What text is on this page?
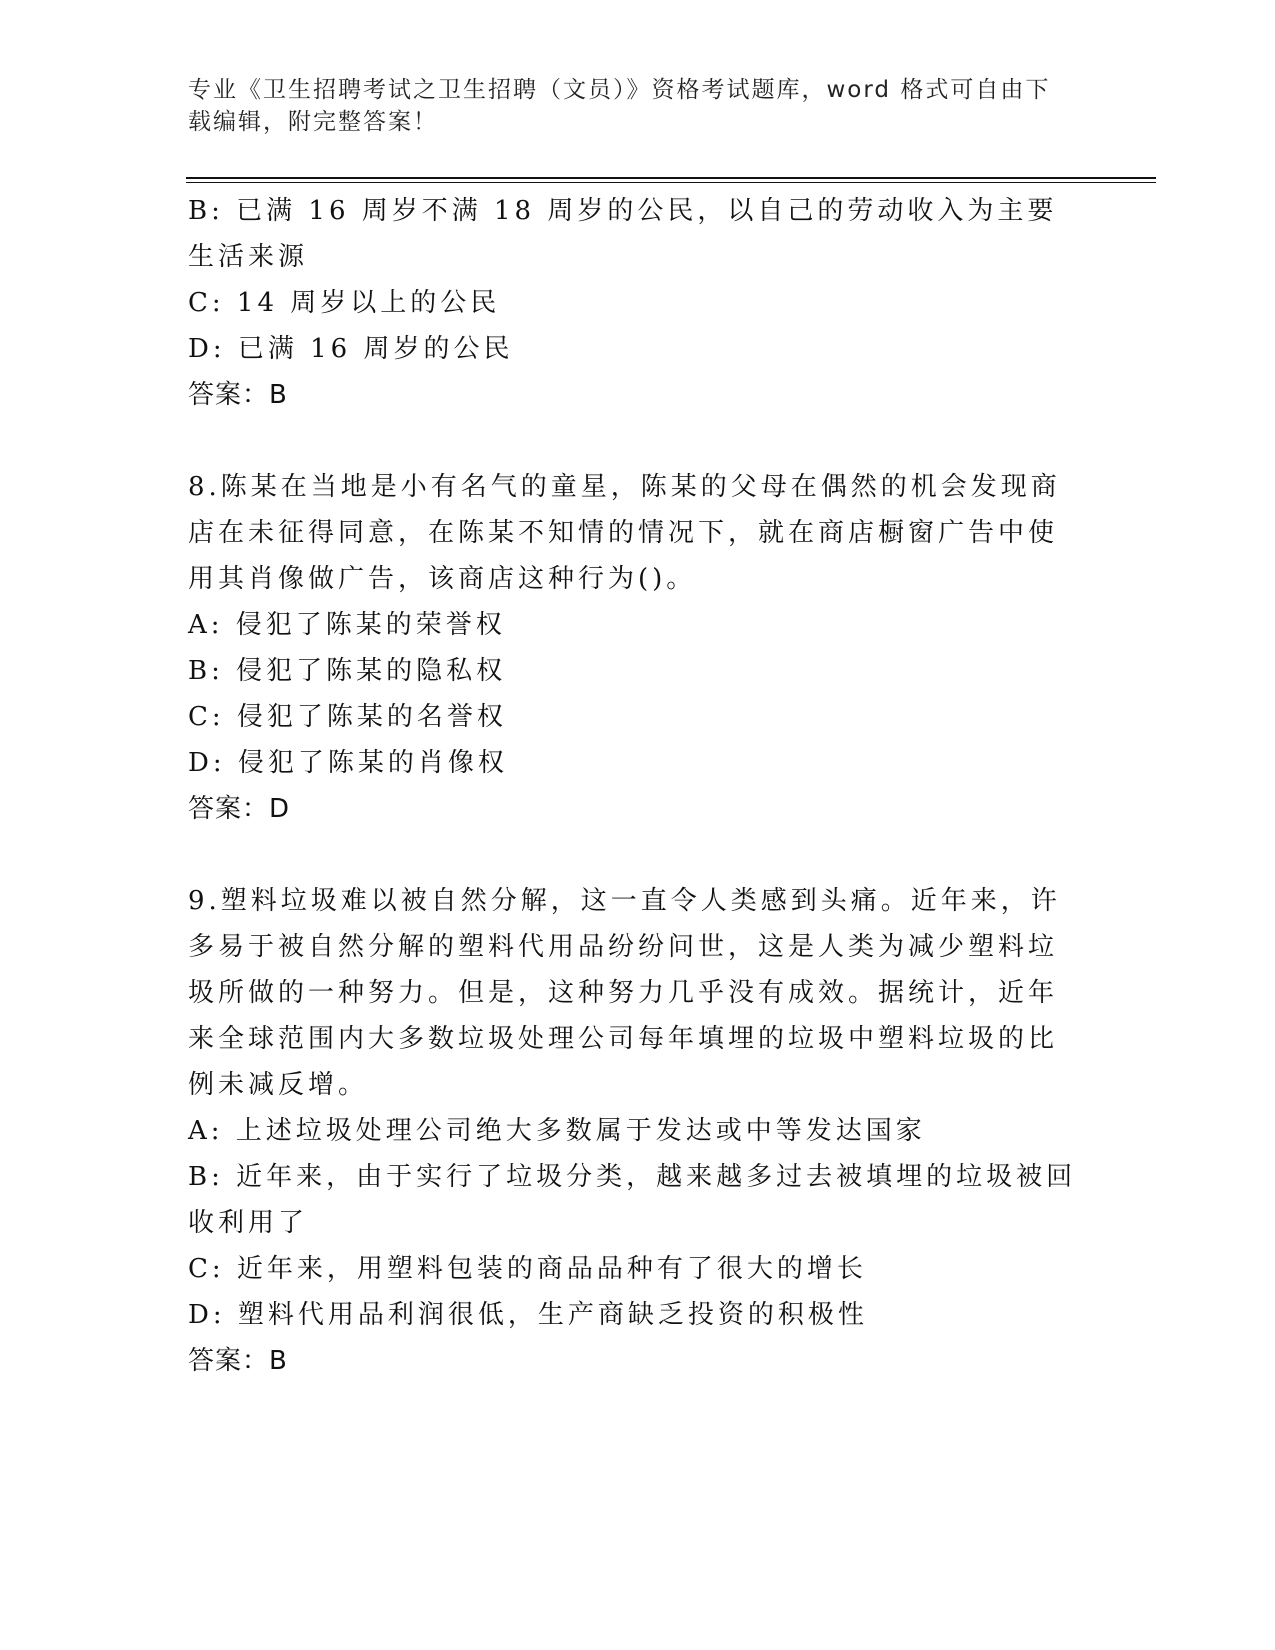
专业《卫生招聘考试之卫生招聘（文员）》资格考试题库，word 格式可自由下载编辑，附完整答案！

B: 已满 16 周岁不满 18 周岁的公民，以自己的劳动收入为主要生活来源

C: 14 周岁以上的公民

D: 已满 16 周岁的公民

答案：B

8.陈某在当地是小有名气的童星，陈某的父母在偶然的机会发现商店在未征得同意，在陈某不知情的情况下，就在商店橱窗广告中使用其肖像做广告，该商店这种行为()。

A: 侵犯了陈某的荣誉权

B: 侵犯了陈某的隐私权

C: 侵犯了陈某的名誉权

D: 侵犯了陈某的肖像权

答案：D

9.塑料垃圾难以被自然分解，这一直令人类感到头痛。近年来，许多易于被自然分解的塑料代用品纷纷问世，这是人类为减少塑料垃圾所做的一种努力。但是，这种努力几乎没有成效。据统计，近年来全球范围内大多数垃圾处理公司每年填埋的垃圾中塑料垃圾的比例未减反增。

A: 上述垃圾处理公司绝大多数属于发达或中等发达国家

B: 近年来，由于实行了垃圾分类，越来越多过去被填埋的垃圾被回收利用了

C: 近年来，用塑料包装的商品品种有了很大的增长

D: 塑料代用品利润很低，生产商缺乏投资的积极性

答案：B
